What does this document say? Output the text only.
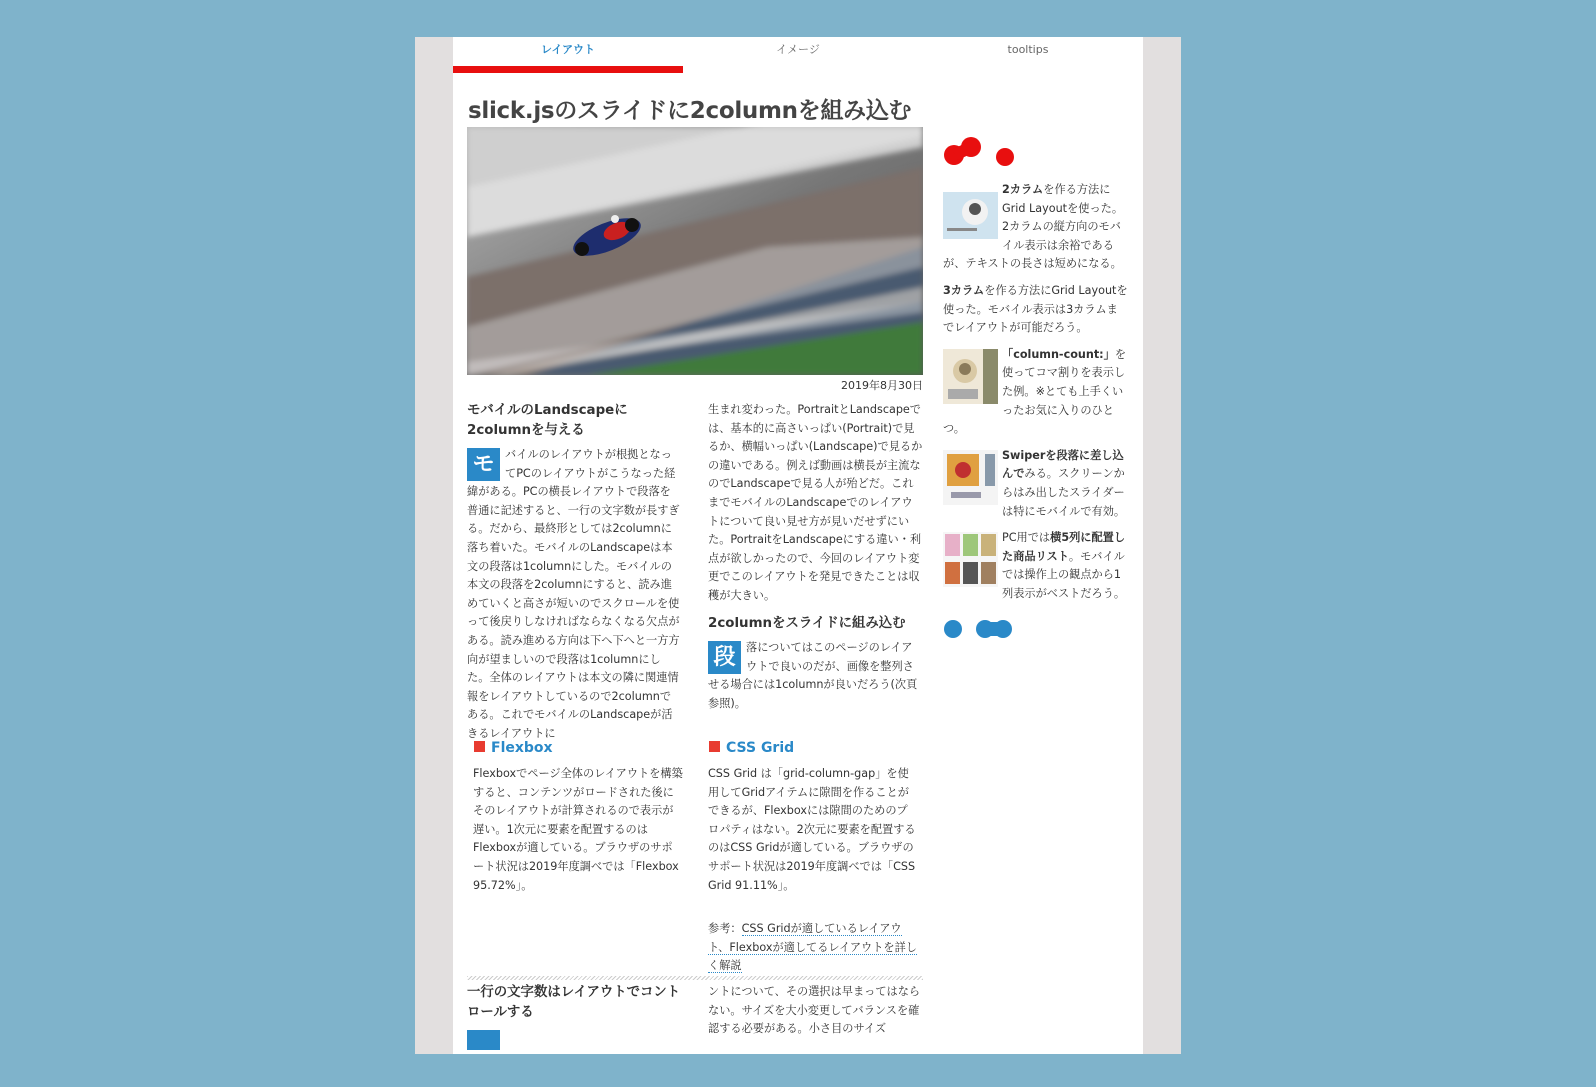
レイアウト	イメージ	tooltips
slick.jsのスライドに2columnを組み込む
2019年8月30日
モバイルのLandscapeに2columnを与える
モ バイルのレイアウトが根拠となってPCのレイアウトがこうなった経緯がある。PCの横長レイアウトで段落を普通に記述すると、一行の文字数が長すぎる。だから、最終形としては2columnに落ち着いた。モバイルのLandscapeは本文の段落は1columnにした。モバイルの本文の段落を2columnにすると、読み進めていくと高さが短いのでスクロールを使って後戻りしなければならなくなる欠点がある。読み進める方向は下へ下へと一方方向が望ましいので段落は1columnにした。全体のレイアウトは本文の隣に関連情報をレイアウトしているので2columnである。これでモバイルのLandscapeが活きるレイアウトに

生まれ変わった。PortraitとLandscapeでは、基本的に高さいっぱい(Portrait)で見るか、横幅いっぱい(Landscape)で見るかの違いである。例えば動画は横長が主流なのでLandscapeで見る人が殆どだ。これまでモバイルのLandscapeでのレイアウトについて良い見せ方が見いだせずにいた。PortraitをLandscapeにする違い・利点が欲しかったので、今回のレイアウト変更でこのレイアウトを発見できたことは収穫が大きい。

2columnをスライドに組み込む
段 落についてはこのページのレイアウトで良いのだが、画像を整列させる場合には1columnが良いだろう(次頁参照)。
Flexbox
Flexboxでページ全体のレイアウトを構築すると、コンテンツがロードされた後にそのレイアウトが計算されるので表示が遅い。1次元に要素を配置するのはFlexboxが適している。ブラウザのサポート状況は2019年度調べでは「Flexbox 95.72%」。
CSS Grid
CSS Grid は「grid-column-gap」を使用してGridアイテムに隙間を作ることができるが、Flexboxには隙間のためのプロパティはない。2次元に要素を配置するのはCSS Gridが適している。ブラウザのサポート状況は2019年度調べでは「CSS Grid 91.11%」。
参考：CSS Gridが適しているレイアウト、Flexboxが適してるレイアウトを詳しく解説
一行の文字数はレイアウトでコントロールする
ントについて、その選択は早まってはならない。サイズを大小変更してバランスを確認する必要がある。小さ目のサイズ
2カラムを作る方法にGrid Layoutを使った。2カラムの縦方向のモバイル表示は余裕であるが、テキストの長さは短めになる。
3カラムを作る方法にGrid Layoutを使った。モバイル表示は3カラムまでレイアウトが可能だろう。
「column-count:」を使ってコマ割りを表示した例。※とても上手くいったお気に入りのひとつ。
Swiperを段落に差し込んでみる。スクリーンからはみ出したスライダーは特にモバイルで有効。
PC用では横5列に配置した商品リスト。モバイルでは操作上の観点から1列表示がベストだろう。
